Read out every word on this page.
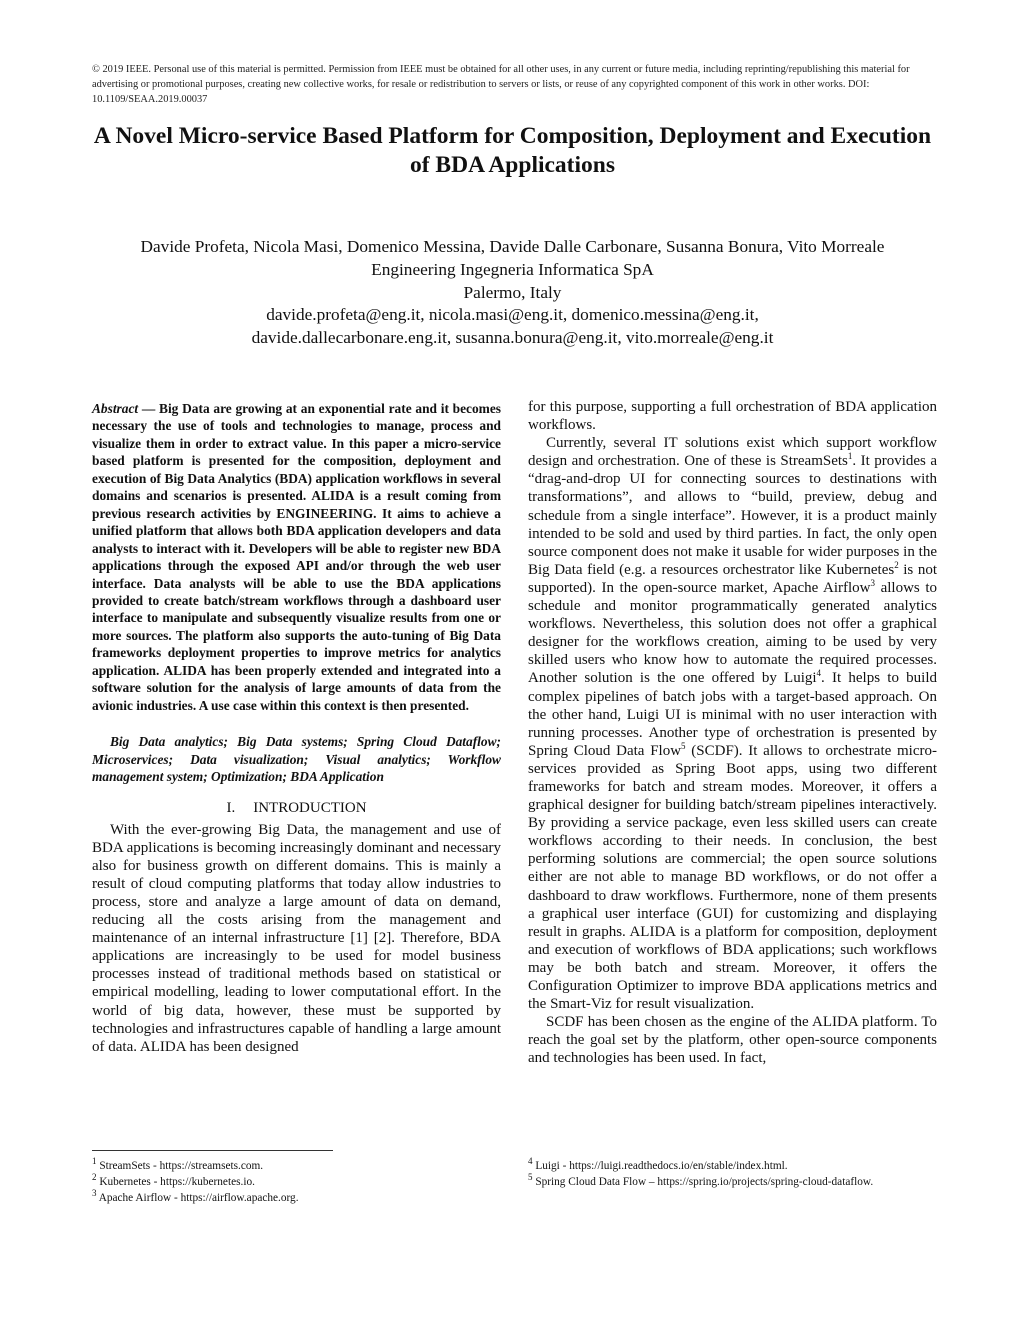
© 2019 IEEE. Personal use of this material is permitted. Permission from IEEE must be obtained for all other uses, in any current or future media, including reprinting/republishing this material for advertising or promotional purposes, creating new collective works, for resale or redistribution to servers or lists, or reuse of any copyrighted component of this work in other works. DOI: 10.1109/SEAA.2019.00037
A Novel Micro-service Based Platform for Composition, Deployment and Execution
of BDA Applications
Davide Profeta, Nicola Masi, Domenico Messina, Davide Dalle Carbonare, Susanna Bonura, Vito Morreale
Engineering Ingegneria Informatica SpA
Palermo, Italy
davide.profeta@eng.it, nicola.masi@eng.it, domenico.messina@eng.it,
davide.dallecarbonare.eng.it, susanna.bonura@eng.it, vito.morreale@eng.it
Abstract — Big Data are growing at an exponential rate and it becomes necessary the use of tools and technologies to manage, process and visualize them in order to extract value. In this paper a micro-service based platform is presented for the composition, deployment and execution of Big Data Analytics (BDA) application workflows in several domains and scenarios is presented. ALIDA is a result coming from previous research activities by ENGINEERING. It aims to achieve a unified platform that allows both BDA application developers and data analysts to interact with it. Developers will be able to register new BDA applications through the exposed API and/or through the web user interface. Data analysts will be able to use the BDA applications provided to create batch/stream workflows through a dashboard user interface to manipulate and subsequently visualize results from one or more sources. The platform also supports the auto-tuning of Big Data frameworks deployment properties to improve metrics for analytics application. ALIDA has been properly extended and integrated into a software solution for the analysis of large amounts of data from the avionic industries. A use case within this context is then presented.
Big Data analytics; Big Data systems; Spring Cloud Dataflow; Microservices; Data visualization; Visual analytics; Workflow management system; Optimization; BDA Application
I. INTRODUCTION

With the ever-growing Big Data, the management and use of BDA applications is becoming increasingly dominant and necessary also for business growth on different domains. This is mainly a result of cloud computing platforms that today allow industries to process, store and analyze a large amount of data on demand, reducing all the costs arising from the management and maintenance of an internal infrastructure [1] [2]. Therefore, BDA applications are increasingly to be used for model business processes instead of traditional methods based on statistical or empirical modelling, leading to lower computational effort. In the world of big data, however, these must be supported by technologies and infrastructures capable of handling a large amount of data. ALIDA has been designed

for this purpose, supporting a full orchestration of BDA application workflows.

Currently, several IT solutions exist which support workflow design and orchestration. One of these is StreamSets$^1$. It provides a “drag-and-drop UI for connecting sources to destinations with transformations”, and allows to “build, preview, debug and schedule from a single interface”. However, it is a product mainly intended to be sold and used by third parties. In fact, the only open source component does not make it usable for wider purposes in the Big Data field (e.g. a resources orchestrator like Kubernetes$^2$ is not supported). In the open-source market, Apache Airflow$^3$ allows to schedule and monitor programmatically generated analytics workflows. Nevertheless, this solution does not offer a graphical designer for the workflows creation, aiming to be used by very skilled users who know how to automate the required processes. Another solution is the one offered by Luigi$^4$. It helps to build complex pipelines of batch jobs with a target-based approach. On the other hand, Luigi UI is minimal with no user interaction with running processes. Another type of orchestration is presented by Spring Cloud Data Flow$^5$ (SCDF). It allows to orchestrate micro-services provided as Spring Boot apps, using two different frameworks for batch and stream modes. Moreover, it offers a graphical designer for building batch/stream pipelines interactively. By providing a service package, even less skilled users can create workflows according to their needs. In conclusion, the best performing solutions are commercial; the open source solutions either are not able to manage BD workflows, or do not offer a dashboard to draw workflows. Furthermore, none of them presents a graphical user interface (GUI) for customizing and displaying result in graphs. ALIDA is a platform for composition, deployment and execution of workflows of BDA applications; such workflows may be both batch and stream. Moreover, it offers the Configuration Optimizer to improve BDA applications metrics and the Smart-Viz for result visualization.

SCDF has been chosen as the engine of the ALIDA platform. To reach the goal set by the platform, other open-source components and technologies has been used. In fact,

$^1$ StreamSets - https://streamsets.com.
$^2$ Kubernetes - https://kubernetes.io.
$^3$ Apache Airflow - https://airflow.apache.org.
$^4$ Luigi - https://luigi.readthedocs.io/en/stable/index.html.
$^5$ Spring Cloud Data Flow – https://spring.io/projects/spring-cloud-dataflow.
